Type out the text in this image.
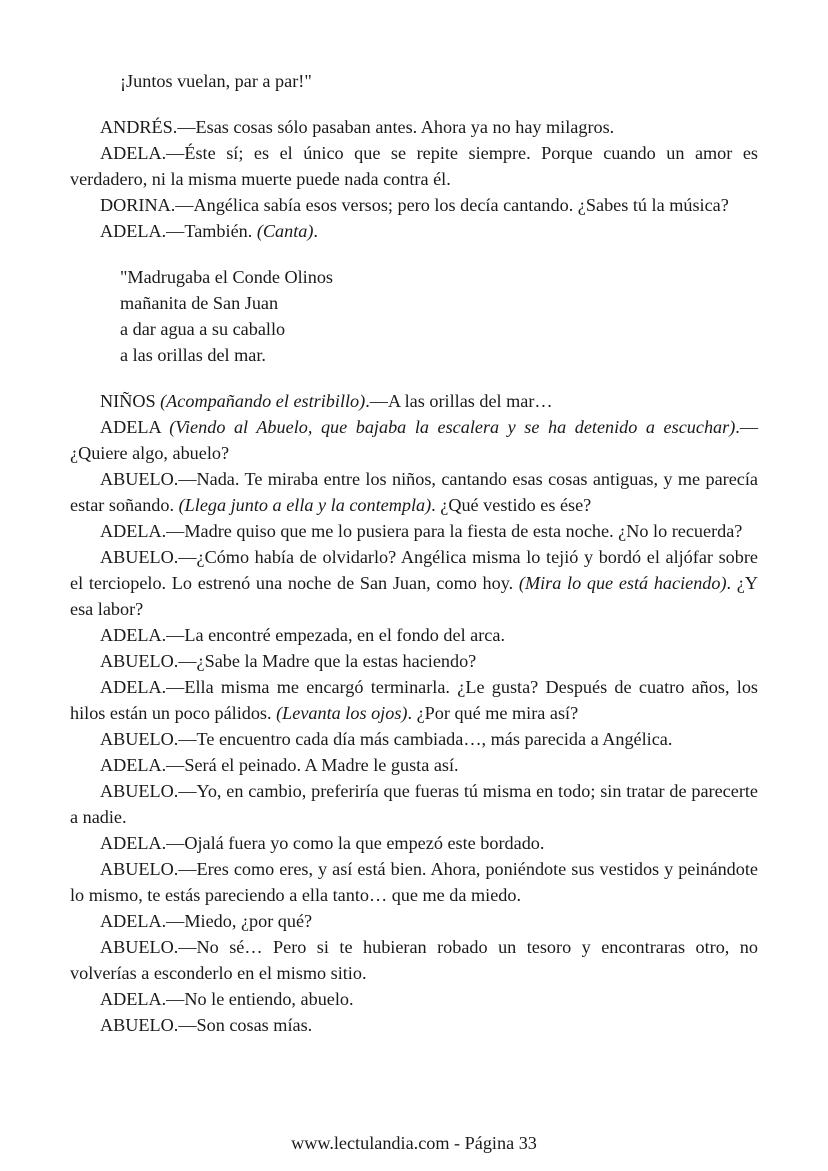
¡Juntos vuelan, par a par!"

ANDRÉS.—Esas cosas sólo pasaban antes. Ahora ya no hay milagros.

ADELA.—Éste sí; es el único que se repite siempre. Porque cuando un amor es verdadero, ni la misma muerte puede nada contra él.

DORINA.—Angélica sabía esos versos; pero los decía cantando. ¿Sabes tú la música?

ADELA.—También. (Canta).

"Madrugaba el Conde Olinos

mañanita de San Juan

a dar agua a su caballo

a las orillas del mar.

NIÑOS (Acompañando el estribillo).—A las orillas del mar…

ADELA (Viendo al Abuelo, que bajaba la escalera y se ha detenido a escuchar).—¿Quiere algo, abuelo?

ABUELO.—Nada. Te miraba entre los niños, cantando esas cosas antiguas, y me parecía estar soñando. (Llega junto a ella y la contempla). ¿Qué vestido es ése?

ADELA.—Madre quiso que me lo pusiera para la fiesta de esta noche. ¿No lo recuerda?

ABUELO.—¿Cómo había de olvidarlo? Angélica misma lo tejió y bordó el aljófar sobre el terciopelo. Lo estrenó una noche de San Juan, como hoy. (Mira lo que está haciendo). ¿Y esa labor?

ADELA.—La encontré empezada, en el fondo del arca.

ABUELO.—¿Sabe la Madre que la estas haciendo?

ADELA.—Ella misma me encargó terminarla. ¿Le gusta? Después de cuatro años, los hilos están un poco pálidos. (Levanta los ojos). ¿Por qué me mira así?

ABUELO.—Te encuentro cada día más cambiada…, más parecida a Angélica.

ADELA.—Será el peinado. A Madre le gusta así.

ABUELO.—Yo, en cambio, preferiría que fueras tú misma en todo; sin tratar de parecerte a nadie.

ADELA.—Ojalá fuera yo como la que empezó este bordado.

ABUELO.—Eres como eres, y así está bien. Ahora, poniéndote sus vestidos y peinándote lo mismo, te estás pareciendo a ella tanto… que me da miedo.

ADELA.—Miedo, ¿por qué?

ABUELO.—No sé… Pero si te hubieran robado un tesoro y encontraras otro, no volverías a esconderlo en el mismo sitio.

ADELA.—No le entiendo, abuelo.

ABUELO.—Son cosas mías.

www.lectulandia.com - Página 33
